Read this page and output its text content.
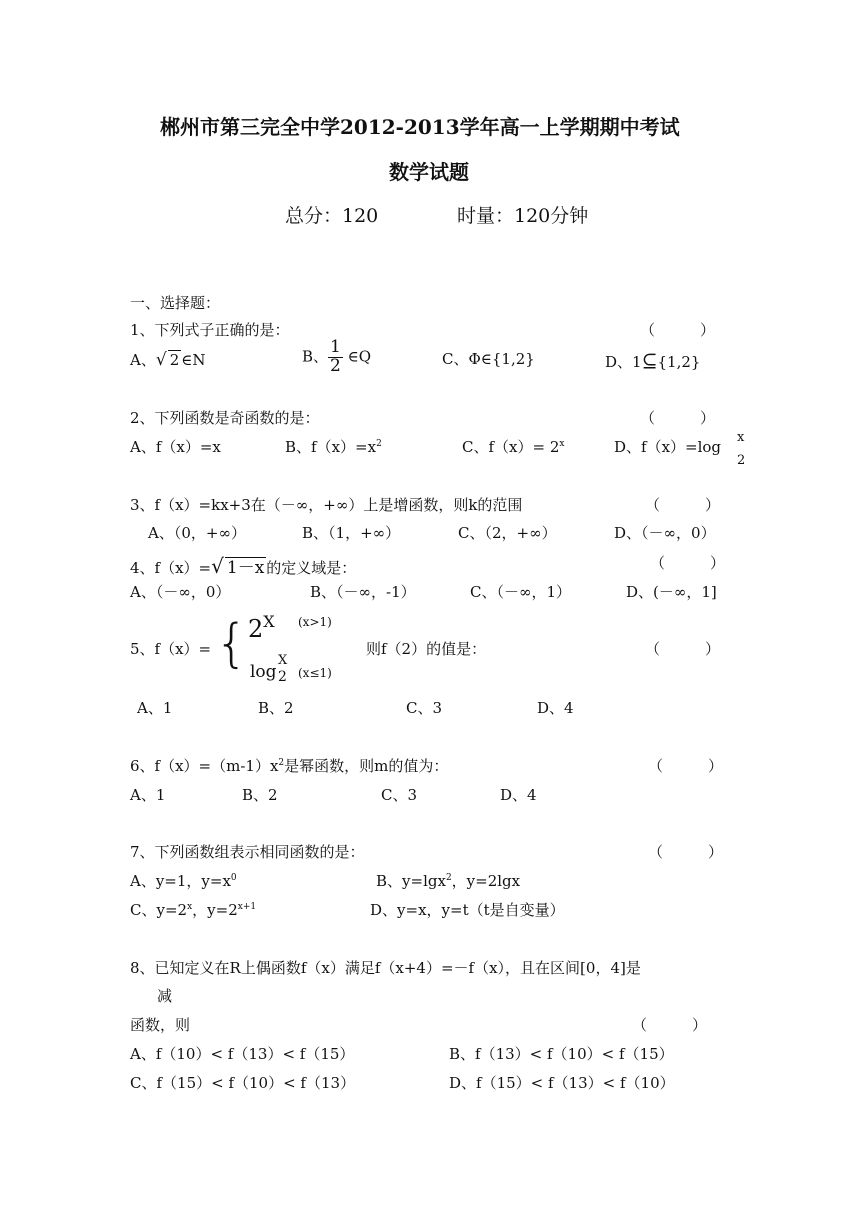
郴州市第三完全中学2012-2013学年高一上学期期中考试
数学试题
总分：120	时量：120分钟
一、选择题：
1、下列式子正确的是：	（　　　）
A、√ 2 ∈N	B、 $\frac{1}{2}$ ∈Q	C、Φ∈{1,2}	D、1⊆{1,2}
2、下列函数是奇函数的是：	（　　　）
A、f（x）=x	B、$f(x)=x^2$	C、$f(x)= 2^x$	D、f（x）=log
x
2
3、f（x）=kx+3在（－∞，+∞）上是增函数，则k的范围	（　　　）
A、（0，+∞）	B、（1，+∞）	C、（2，+∞）	D、（－∞，0）
4、f（x）=√ 1－x 的定义域是：	（　　　）
A、（－∞，0）	B、（－∞，-1）	C、（－∞，1）	D、(－∞，1]
5、f（x）= { 2X (x>1)
log
X
2 (x≤1)
则f（2）的值是：	（　　　）
A、1	B、2	C、3	D、4
6、$f(x)=(m-1)x^2$是幂函数，则m的值为：	（　　　）
A、1	B、2	C、3	D、4
7、下列函数组表示相同函数的是：	（　　　）
A、y=1，$y=x^0$	B、y=lgx$^2$，y=2lgx
C、$y=2^x$，$y=2^{x+1}$	D、y=x，y=t（t是自变量）
8、已知定义在R上偶函数f（x）满足f（x+4）=－f（x），且在区间[0，4]是
减
函数，则	（　　　）
A、f（10）< f（13）< f（15）	B、f（13）< f（10）< f（15）
C、f（15）< f（10）< f（13）	D、f（15）< f（13）< f（10）
